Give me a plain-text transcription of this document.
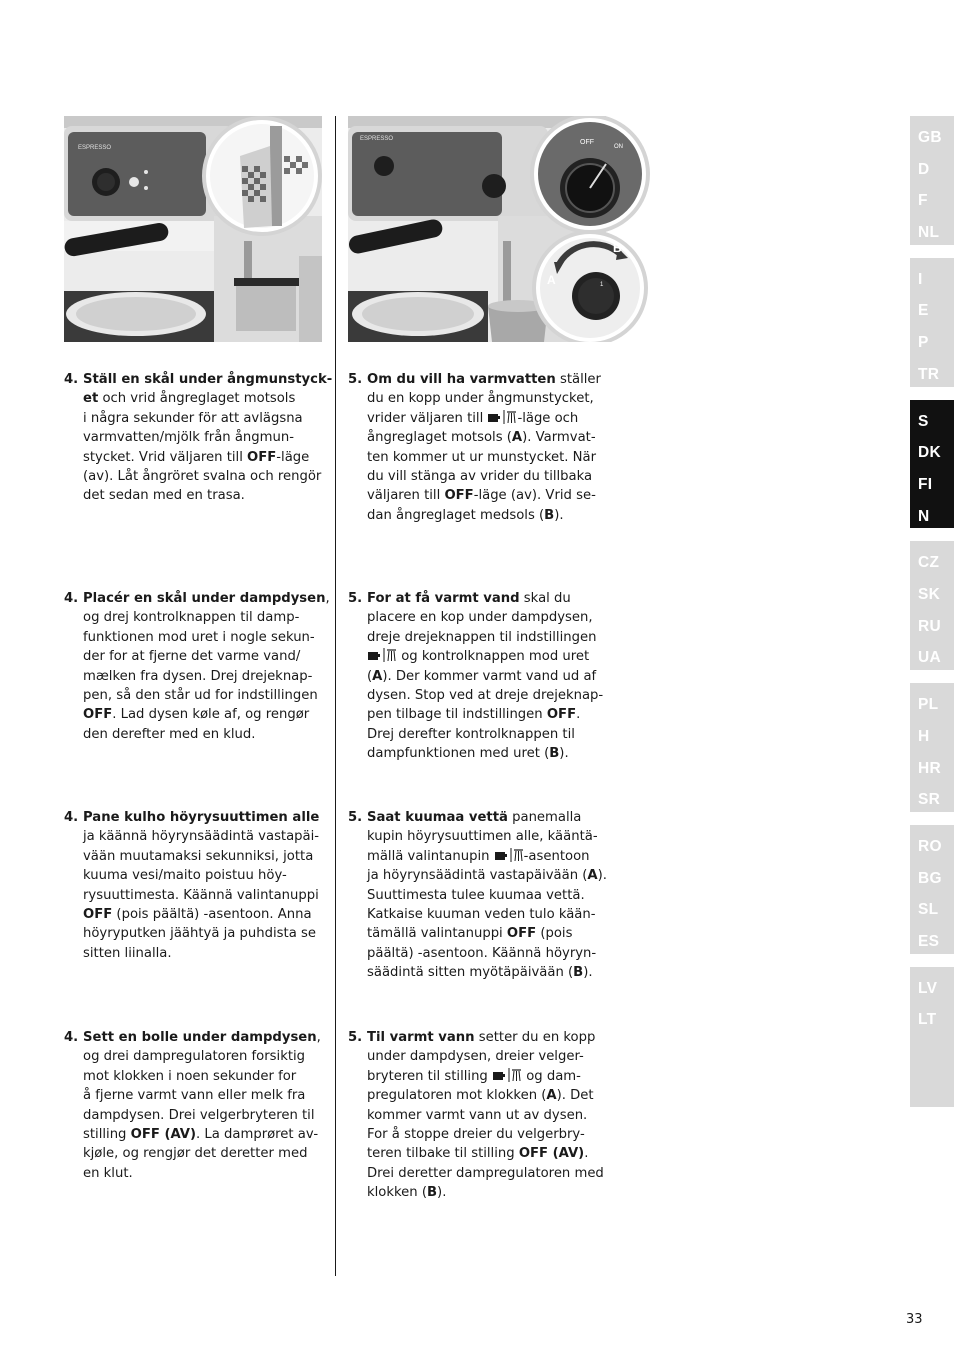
ESPRESSO
ESPRESSO	OFF
ON
A
B
1
4. Ställ en skål under ångmunstyck-
et och vrid ångreglaget motsols
i några sekunder för att avlägsna
varmvatten/mjölk från ångmun-
stycket. Vrid väljaren till OFF-läge
(av). Låt ångröret svalna och rengör
det sedan med en trasa.
4. Placér en skål under dampdysen,
og drej kontrolknappen til damp-
funktionen mod uret i nogle sekun-
der for at fjerne det varme vand/
mælken fra dysen. Drej drejeknap-
pen, så den står ud for indstillingen
OFF. Lad dysen køle af, og rengør
den derefter med en klud.
4. Pane kulho höyrysuuttimen alle
ja käännä höyrynsäädintä vastapäi-
vään muutamaksi sekunniksi, jotta
kuuma vesi/maito poistuu höy-
rysuuttimesta. Käännä valintanuppi
OFF (pois päältä) -asentoon. Anna
höyryputken jäähtyä ja puhdista se
sitten liinalla.
4. Sett en bolle under dampdysen,
og drei dampregulatoren forsiktig
mot klokken i noen sekunder for
å fjerne varmt vann eller melk fra
dampdysen. Drei velgerbryteren til
stilling OFF (AV). La damprøret av-
kjøle, og rengjør det deretter med
en klut.
5. Om du vill ha varmvatten ställer
du en kopp under ångmunstycket,
vrider väljaren till -läge och
ångreglaget motsols (A). Varmvat-
ten kommer ut ur munstycket. När
du vill stänga av vrider du tillbaka
väljaren till OFF-läge (av). Vrid se-
dan ångreglaget medsols (B).
5. For at få varmt vand skal du
placere en kop under dampdysen,
dreje drejeknappen til indstillingen
og kontrolknappen mod uret
(A). Der kommer varmt vand ud af
dysen. Stop ved at dreje drejeknap-
pen tilbage til indstillingen OFF.
Drej derefter kontrolknappen til
dampfunktionen med uret (B).
5. Saat kuumaa vettä panemalla
kupin höyrysuuttimen alle, kääntä-
mällä valintanupin -asentoon
ja höyrynsäädintä vastapäivään (A).
Suuttimesta tulee kuumaa vettä.
Katkaise kuuman veden tulo kään-
tämällä valintanuppi OFF (pois
päältä) -asentoon. Käännä höyryn-
säädintä sitten myötäpäivään (B).
5. Til varmt vann setter du en kopp
under dampdysen, dreier velger-
bryteren til stilling  og dam-
pregulatoren mot klokken (A). Det
kommer varmt vann ut av dysen.
For å stoppe dreier du velgerbry-
teren tilbake til stilling OFF (AV).
Drei deretter dampregulatoren med
klokken (B).
GB
D
F
NL
I
E
P
TR
S
DK
FI
N
CZ
SK
RU
UA
PL
H
HR
SR
RO
BG
SL
ES
LV
LT
33
